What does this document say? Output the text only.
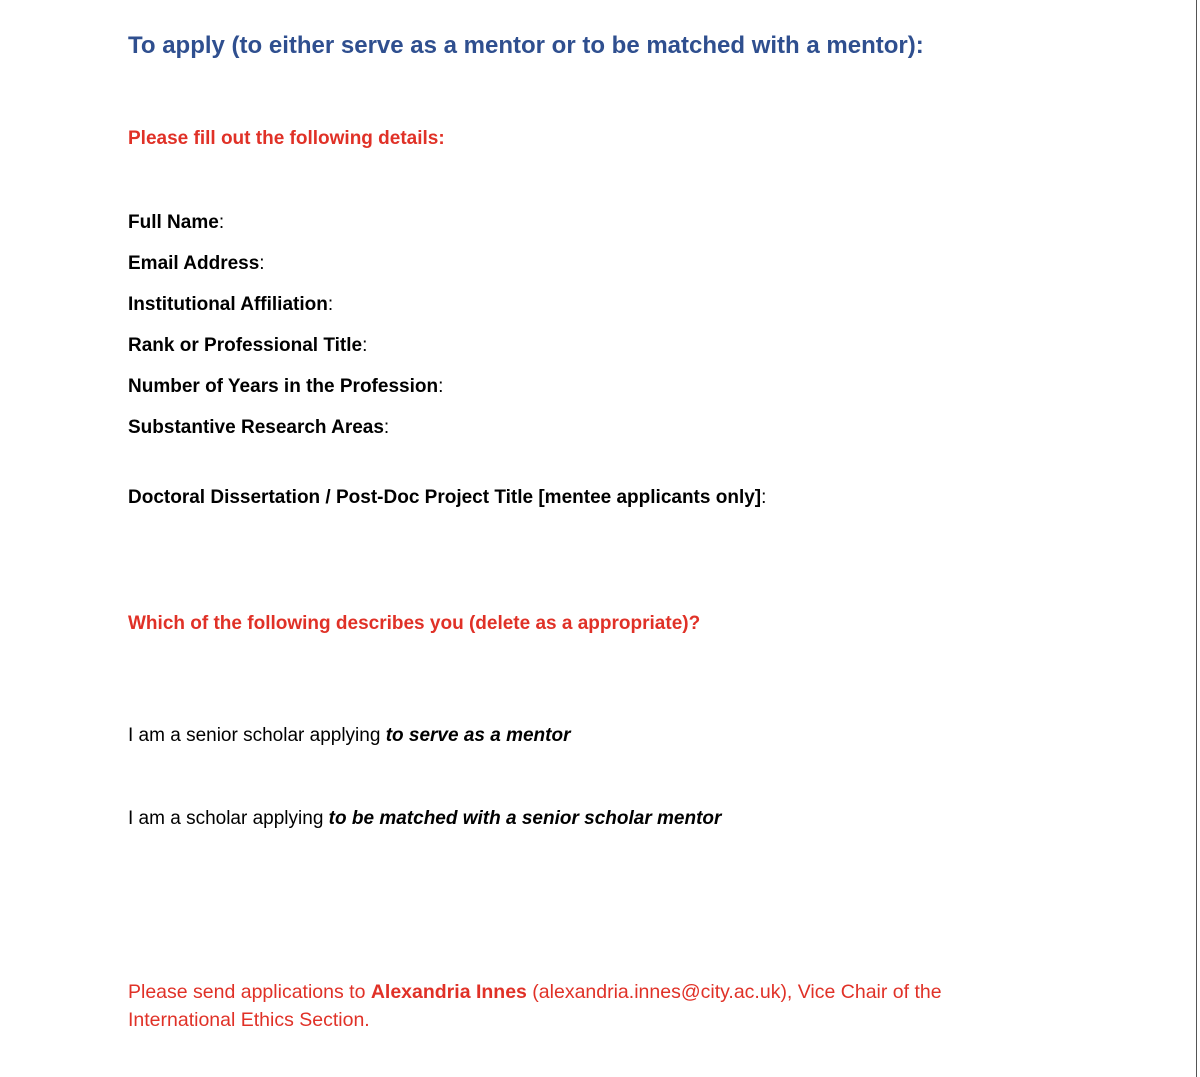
To apply (to either serve as a mentor or to be matched with a mentor):

Please fill out the following details:

Full Name:

Email Address:

Institutional Affiliation:

Rank or Professional Title:

Number of Years in the Profession:

Substantive Research Areas:

Doctoral Dissertation / Post-Doc Project Title [mentee applicants only]:

Which of the following describes you (delete as a appropriate)?

I am a senior scholar applying to serve as a mentor

I am a scholar applying to be matched with a senior scholar mentor

Please send applications to Alexandria Innes (alexandria.innes@city.ac.uk), Vice Chair of the International Ethics Section.
